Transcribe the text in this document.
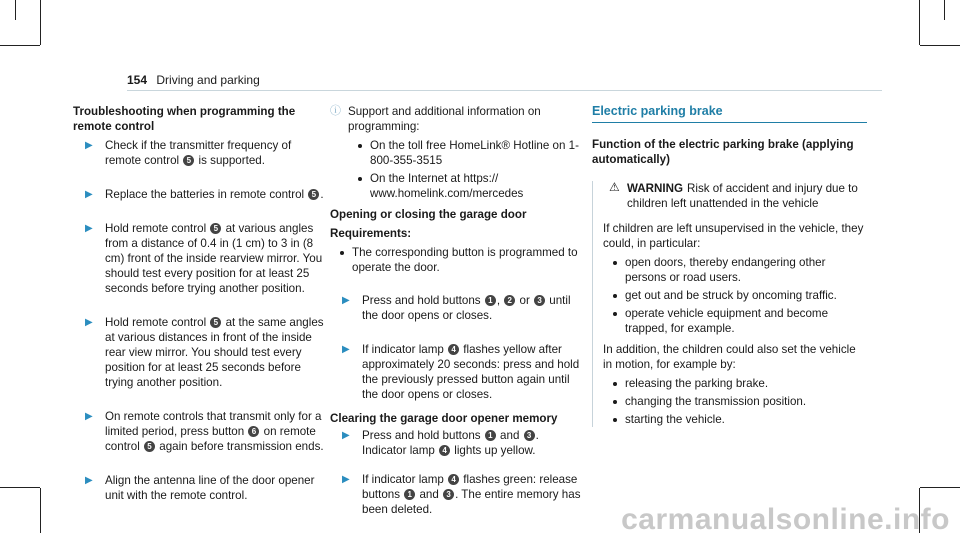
154 Driving and parking
Troubleshooting when programming the remote control
▶ Check if the transmitter frequency of remote control 5 is supported.
▶ Replace the batteries in remote control 5 .
▶ Hold remote control 5 at various angles from a distance of 0.4 in (1 cm) to 3 in (8 cm) front of the inside rearview mirror. You should test every position for at least 25 seconds before trying another position.
▶ Hold remote control 5 at the same angles at various distances in front of the inside rear view mirror. You should test every position for at least 25 seconds before trying another position.
▶ On remote controls that transmit only for a limited period, press button 6 on remote control 5 again before transmission ends.
▶ Align the antenna line of the door opener unit with the remote control.
ⓘ Support and additional information on programming:
On the toll free HomeLink® Hotline on 1-800-355-3515
On the Internet at https:// www.homelink.com/mercedes
Opening or closing the garage door
Requirements:
The corresponding button is programmed to operate the door.
▶ Press and hold buttons 1 , 2 or 3 until the door opens or closes.
▶ If indicator lamp 4 flashes yellow after approximately 20 seconds: press and hold the previously pressed button again until the door opens or closes.
Clearing the garage door opener memory
▶ Press and hold buttons 1 and 3 . Indicator lamp 4 lights up yellow.
▶ If indicator lamp 4 flashes green: release buttons 1 and 3 . The entire memory has been deleted.
Electric parking brake
Function of the electric parking brake (applying automatically)
⚠ WARNING Risk of accident and injury due to children left unattended in the vehicle
If children are left unsupervised in the vehicle, they could, in particular:
open doors, thereby endangering other persons or road users.
get out and be struck by oncoming traffic.
operate vehicle equipment and become trapped, for example.
In addition, the children could also set the vehicle in motion, for example by:
releasing the parking brake.
changing the transmission position.
starting the vehicle.
carmanualsonline.info
